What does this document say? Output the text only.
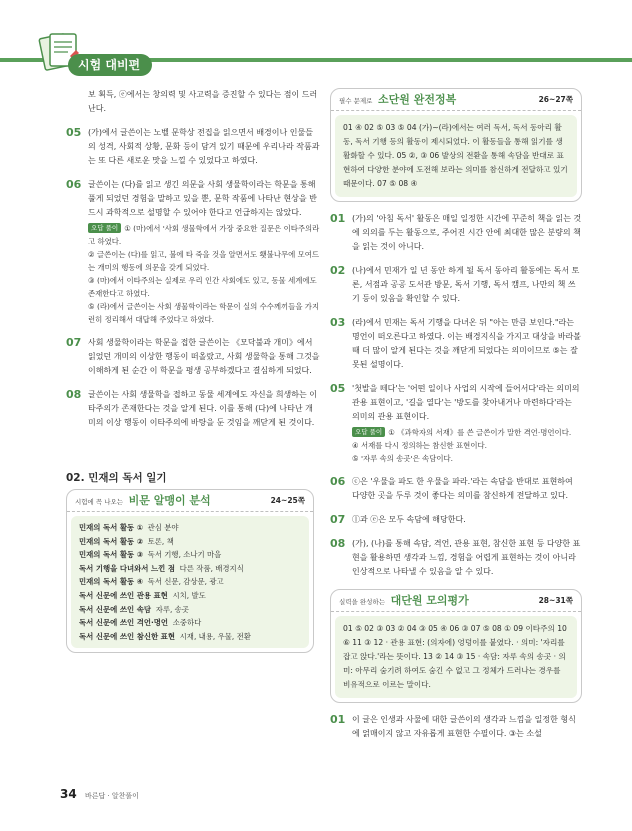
시험 대비편
보 획득, ⓔ에서는 창의력 및 사고력을 증진할 수 있다는 점이 드러난다.
05 (가)에서 글쓴이는 노벨 문학상 전집을 읽으면서 배경이나 인물들의 성격, 사회적 상황, 문화 등이 담겨 있기 때문에 우리나라 작품과는 또 다른 새로운 맛을 느낄 수 있었다고 하였다.
06 글쓴이는 (다)를 읽고 생긴 의문을 사회 생물학이라는 학문을 통해 풀게 되었던 경험을 말하고 있을 뿐, 문학 작품에 나타난 현상을 반드시 과학적으로 설명할 수 있어야 한다고 언급하지는 않았다.
오답 풀이 ① (마)에서 '사회 생물학에서 가장 중요한 질문은 이타주의라고 하였다.
② 글쓴이는 (다)를 읽고, 불에 타 죽을 것을 알면서도 횃불나무에 모여드는 개미의 행동에 의문을 갖게 되었다.
③ (마)에서 이타주의는 실제로 우리 인간 사회에도 있고, 동물 세계에도 존재한다고 하였다.
⑤ (라)에서 글쓴이는 사회 생물학이라는 학문이 실의 수수께끼들을 가지런히 정리해서 대답해 주었다고 하였다.
07 사회 생물학이라는 학문을 접한 글쓴이는 《모닥불과 개미》에서 읽었던 개미의 이상한 행동이 떠올랐고, 사회 생물학을 통해 그것을 이해하게 된 순간 이 학문을 평생 공부하겠다고 결심하게 되었다.
08 글쓴이는 사회 생물학을 접하고 동물 세계에도 자신을 희생하는 이타주의가 존재한다는 것을 알게 된다. 이를 통해 (다)에 나타난 개미의 이상 행동이 이타주의에 바탕을 둔 것임을 깨닫게 된 것이다.
02. 민재의 독서 일기
시험에 꼭 나오는 비문 알맹이 분석	24~25쪽
민재의 독서 활동 ① 관심 분야
민재의 독서 활동 ② 토론, 책
민재의 독서 활동 ③ 독서 기행, 소나기 마을
독서 기행을 다녀와서 느낀 점 다른 작품, 배경지식
민재의 독서 활동 ④ 독서 신문, 감상문, 광고
독서 신문에 쓰인 관용 표현 시치, 발도
독서 신문에 쓰인 속담 자루, 송곳
독서 신문에 쓰인 격언·명언 소중하다
독서 신문에 쓰인 참신한 표현 시재, 내용, 우물, 전환
필수 문제로 소단원 완전정복	26~27쪽
01 ④ 02 ⑤ 03 ⑤ 04 (가)~(라)에서는 여러 독서, 독서 동아리 활동, 독서 기행 등의 활동이 제시되었다. 이 활동들을 통해 읽기를 생활화할 수 있다. 05 ②, ③ 06 발상의 전환을 통해 속담을 반대로 표현하여 다양한 분야에 도전해 보라는 의미를 참신하게 전달하고 있기 때문이다. 07 ⑤ 08 ④
01 (가)의 '아침 독서' 활동은 매일 일정한 시간에 꾸준히 책을 읽는 것에 의의를 두는 활동으로, 주어진 시간 안에 최대한 많은 분량의 책을 읽는 것이 아니다.
02 (나)에서 민재가 일 년 동안 하게 될 독서 동아리 활동에는 독서 토론, 서점과 공공 도서관 방문, 독서 기행, 독서 캠프, 나만의 책 쓰기 등이 있음을 확인할 수 있다.
03 (라)에서 민재는 독서 기행을 다녀온 뒤 "아는 만큼 보인다."라는 명언이 떠오른다고 하였다. 이는 배경지식을 가지고 대상을 바라볼 때 더 많이 알게 된다는 것을 깨닫게 되었다는 의미이므로 ⑤는 잘못된 설명이다.
05 '첫발을 떼다'는 '어떤 일이나 사업의 시작에 들어서다'라는 의미의 관용 표현이고, '길을 열다'는 '방도를 찾아내거나 마련하다'라는 의미의 관용 표현이다.
오답 풀이 ① 《과학자의 서재》를 쓴 글쓴이가 말한 격언·명언이다.
④ 서재를 다시 정의하는 참신한 표현이다.
⑤ '자루 속의 송곳'은 속담이다.
06 ⓒ은 '우물을 파도 한 우물을 파라.'라는 속담을 반대로 표현하여 다양한 곳을 두루 것이 좋다는 의미를 참신하게 전달하고 있다.
07 ⓛ과 ⓔ은 모두 속담에 해당한다.
08 (가), (나)를 통해 속담, 격언, 관용 표현, 참신한 표현 등 다양한 표현을 활용하면 생각과 느낌, 경험을 어렵게 표현하는 것이 아니라 인상적으로 나타낼 수 있음을 알 수 있다.
실력을 완성하는 대단원 모의평가	28~31쪽
01 ⑤ 02 ③ 03 ② 04 ③ 05 ④ 06 ③ 07 ⑤ 08 ① 09 이타주의 10 ⑥ 11 ③ 12 · 관용 표현: (의자에) 엉덩이를 붙였다. · 의미: '자리를 잡고 앉다.'라는 뜻이다. 13 ② 14 ③ 15 · 속담: 자루 속의 송곳 · 의미: 아무리 숨기려 하여도 숨긴 수 없고 그 정체가 드러나는 경우를 비유적으로 이르는 말이다.
01 이 글은 인생과 사물에 대한 글쓴이의 생각과 느낌을 일정한 형식에 얽매이지 않고 자유롭게 표현한 수필이다. ③는 소설
34 바른답 · 알찬풀이
